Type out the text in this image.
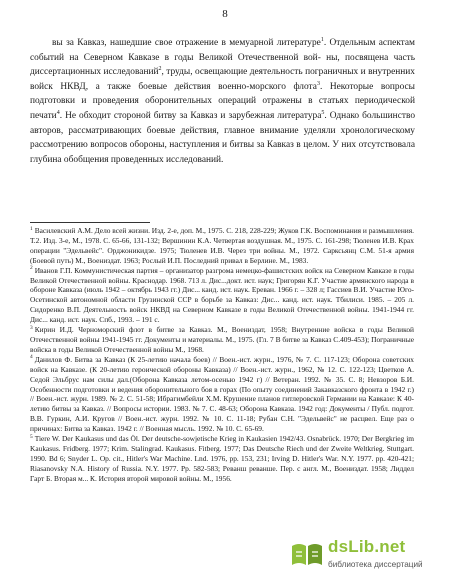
8

вы за Кавказ, нашедшие свое отражение в мемуарной литературе$^1$. Отдельным аспектам событий на Северном Кавказе в годы Великой Отечественной вой- ны, посвящена часть диссертационных исследований$^2$, труды, освещающие деятельность пограничных и внутренних войск НКВД, а также боевые действия военно-морского флота$^3$. Некоторые вопросы подготовки и проведения оборонительных операций отражены в статьях периодической печати$^4$. Не обходит стороной битву за Кавказ и зарубежная литература$^5$. Однако большинство авторов, рассматривающих боевые действия, главное внимание уделяли хронологическому рассмотрению вопросов обороны, наступления и битвы за Кавказ в целом. У них отсутствовала глубина обобщения проведенных исследований.

$^1$ Василевский А.М. Дело всей жизни. Изд. 2-е, доп. М., 1975. С. 218, 228-229; Жуков Г.К. Воспоминания и размышления. Т.2. Изд. 3-е, М., 1978. С. 65-66, 131-132; Вершинин К.А. Четвертая воздушная. М., 1975. С. 161-298; Тюленев И.В. Крах операции "Эдельвейс". Орджоникидзе. 1975; Тюленев И.В. Через три войны. М., 1972. Сарксьянц С.М. 51-я армия (Боевой путь) М., Воениздат. 1963; Рослый И.П. Последний привал в Берлине. М., 1983.

$^2$ Иванов Г.П. Коммунистическая партия – организатор разгрома немецко-фашистских войск на Северном Кавказе в годы Великой Отечественной войны. Краснодар. 1968. 713 л. Дис...докт. ист. наук; Григорян К.Г. Участие армянского народа в обороне Кавказа (июль 1942 – октябрь 1943 гг.) Дис... канд. ист. наук. Ереван. 1966 г. – 328 л; Гассиев В.И. Участие Юго-Осетинской автономной области Грузинской ССР в борьбе за Кавказ: Дис... канд. ист. наук. Тбилиси. 1985. – 205 л. Сидоренко В.П. Деятельность войск НКВД на Северном Кавказе в годы Великой Отечественной войны. 1941-1944 гг. Дис... канд. ист. наук. Спб., 1993. – 191 с.

$^3$ Кирин И.Д. Черноморский флот в битве за Кавказ. М., Воениздат, 1958; Внутренние войска в годы Великой Отечественной войны 1941-1945 гг. Документы и материалы. М., 1975. (Гл. 7 В битве за Кавказ С.409-453); Пограничные войска в годы Великой Отечественной войны М., 1968.

$^4$ Данилов Ф. Битва за Кавказ (К 25-летию начала боев) // Воен.-ист. журн., 1976, № 7. С. 117-123; Оборона советских войск на Кавказе. (К 20-летию героической обороны Кавказа) // Воен.-ист. журн., 1962, № 12. С. 122-123; Цветков А. Седой Эльбрус нам силы дал.(Оборона Кавказа летом-осенью 1942 г) // Ветеран. 1992. № 35. С. 8; Невзоров Б.И. Особенности подготовки и ведения оборонительного боя в горах (По опыту соединений Закавказского фронта в 1942 г.) // Воен.-ист. журн. 1989. № 2. С. 51-58; Ибрагимбейли Х.М. Крушение планов гитлеровской Германии на Кавказе: К 40-летию битвы за Кавказ. // Вопросы истории. 1983. № 7. С. 48-63; Оборона Кавказа. 1942 год: Документы / Публ. подгот. В.В. Гуркин, А.И. Кругов // Воен.-ист. журн. 1992. № 10. С. 11-18; Рубан С.Н. "Эдельвейс" не расцвел. Еще раз о причинах: Битва за Кавказ. 1942 г. // Военная мысль. 1992. № 10. С. 65-69.

$^5$ Tiere W. Der Kaukasus und das Öl. Der deutsche-sowjetische Krieg in Kaukasien 1942/43. Osnabrück. 1970; Der Bergkrieg im Kaukasus. Fridberg. 1977; Krim. Stalingrad. Kaukasus. Fitberg. 1977; Das Deutsche Riech und der Zweite Weltkrieg. Stuttgart. 1990. Bd 6; Snyder L. Op. cit., Hitler's War Machine. Lnd. 1976, pp. 153, 231; Irving D. Hitler's War. N.Y. 1977. pp. 420-421; Riasanovsky N.A. History of Russia. N.Y. 1977. Pp. 582-583; Реванш реванше. Пер. с англ. М., Воениздат. 1958; Лиддел Гарт Б. Вторая м... К. История второй мировой войны. М., 1956.

dsLib.net
библиотека диссертаций
